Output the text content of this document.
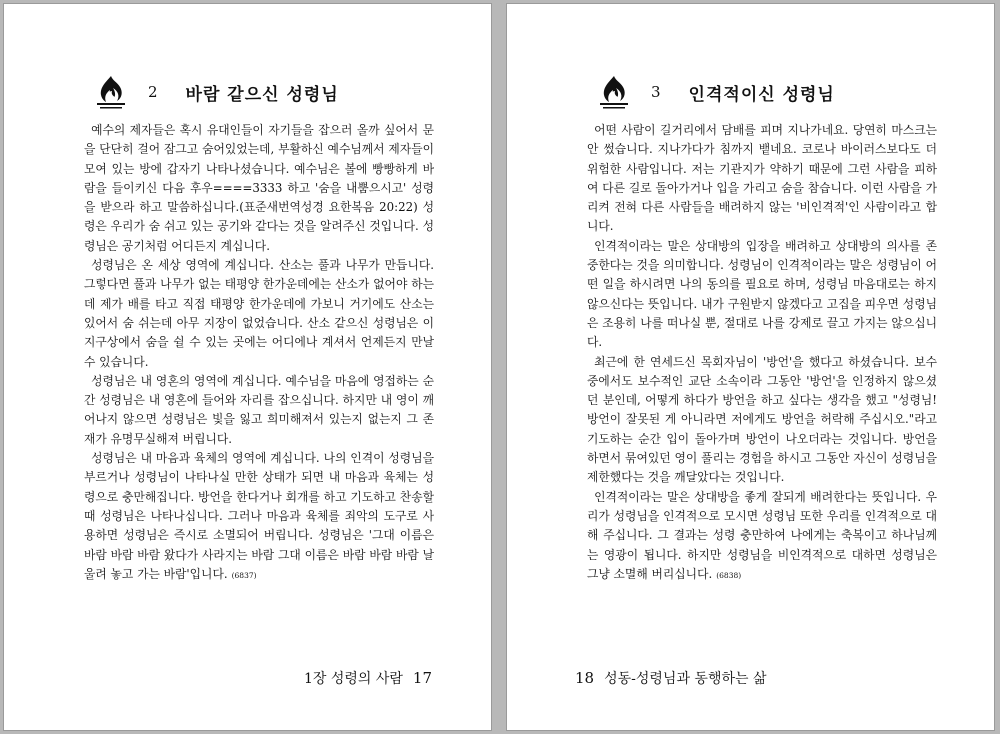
2 바람 같으신 성령님

예수의 제자들은 혹시 유대인들이 자기들을 잡으러 올까 싶어서 문을 단단히 걸어 잠그고 숨어있었는데, 부활하신 예수님께서 제자들이 모여 있는 방에 갑자기 나타나셨습니다. 예수님은 볼에 빵빵하게 바람을 들이키신 다음 후우====3333 하고 '숨을 내뿜으시고' 성령을 받으라 하고 말씀하십니다.(표준새번역성경 요한복음 20:22) 성령은 우리가 숨 쉬고 있는 공기와 같다는 것을 알려주신 것입니다. 성령님은 공기처럼 어디든지 계십니다.

성령님은 온 세상 영역에 계십니다. 산소는 풀과 나무가 만듭니다. 그렇다면 풀과 나무가 없는 태평양 한가운데에는 산소가 없어야 하는데 제가 배를 타고 직접 태평양 한가운데에 가보니 거기에도 산소는 있어서 숨 쉬는데 아무 지장이 없었습니다. 산소 같으신 성령님은 이 지구상에서 숨을 쉴 수 있는 곳에는 어디에나 계셔서 언제든지 만날 수 있습니다.

성령님은 내 영혼의 영역에 계십니다. 예수님을 마음에 영접하는 순간 성령님은 내 영혼에 들어와 자리를 잡으십니다. 하지만 내 영이 깨어나지 않으면 성령님은 빛을 잃고 희미해져서 있는지 없는지 그 존재가 유명무실해져 버립니다.

성령님은 내 마음과 육체의 영역에 계십니다. 나의 인격이 성령님을 부르거나 성령님이 나타나실 만한 상태가 되면 내 마음과 육체는 성령으로 충만해집니다. 방언을 한다거나 회개를 하고 기도하고 찬송할 때 성령님은 나타나십니다. 그러나 마음과 육체를 죄악의 도구로 사용하면 성령님은 즉시로 소멸되어 버립니다. 성령님은 '그대 이름은 바람 바람 바람 왔다가 사라지는 바람 그대 이름은 바람 바람 바람 날 울려 놓고 가는 바람'입니다. (6837)

1장 성령의 사람 17
3 인격적이신 성령님

어떤 사람이 길거리에서 담배를 피며 지나가네요. 당연히 마스크는 안 썼습니다. 지나가다가 침까지 뱉네요. 코로나 바이러스보다도 더 위험한 사람입니다. 저는 기관지가 약하기 때문에 그런 사람을 피하여 다른 길로 돌아가거나 입을 가리고 숨을 참습니다. 이런 사람을 가리켜 전혀 다른 사람들을 배려하지 않는 '비인격적'인 사람이라고 합니다.

인격적이라는 말은 상대방의 입장을 배려하고 상대방의 의사를 존중한다는 것을 의미합니다. 성령님이 인격적이라는 말은 성령님이 어떤 일을 하시려면 나의 동의를 필요로 하며, 성령님 마음대로는 하지 않으신다는 뜻입니다. 내가 구원받지 않겠다고 고집을 피우면 성령님은 조용히 나를 떠나실 뿐, 절대로 나를 강제로 끌고 가지는 않으십니다.

최근에 한 연세드신 목회자님이 '방언'을 했다고 하셨습니다. 보수 중에서도 보수적인 교단 소속이라 그동안 '방언'을 인정하지 않으셨던 분인데, 어떻게 하다가 방언을 하고 싶다는 생각을 했고 "성령님! 방언이 잘못된 게 아니라면 저에게도 방언을 허락해 주십시오."라고 기도하는 순간 입이 돌아가며 방언이 나오더라는 것입니다. 방언을 하면서 묶여있던 영이 풀리는 경험을 하시고 그동안 자신이 성령님을 제한했다는 것을 깨달았다는 것입니다.

인격적이라는 말은 상대방을 좋게 잘되게 배려한다는 뜻입니다. 우리가 성령님을 인격적으로 모시면 성령님 또한 우리를 인격적으로 대해 주십니다. 그 결과는 성령 충만하여 나에게는 축복이고 하나님께는 영광이 됩니다. 하지만 성령님을 비인격적으로 대하면 성령님은 그냥 소멸해 버리십니다. (6838)

18 성동-성령님과 동행하는 삶
